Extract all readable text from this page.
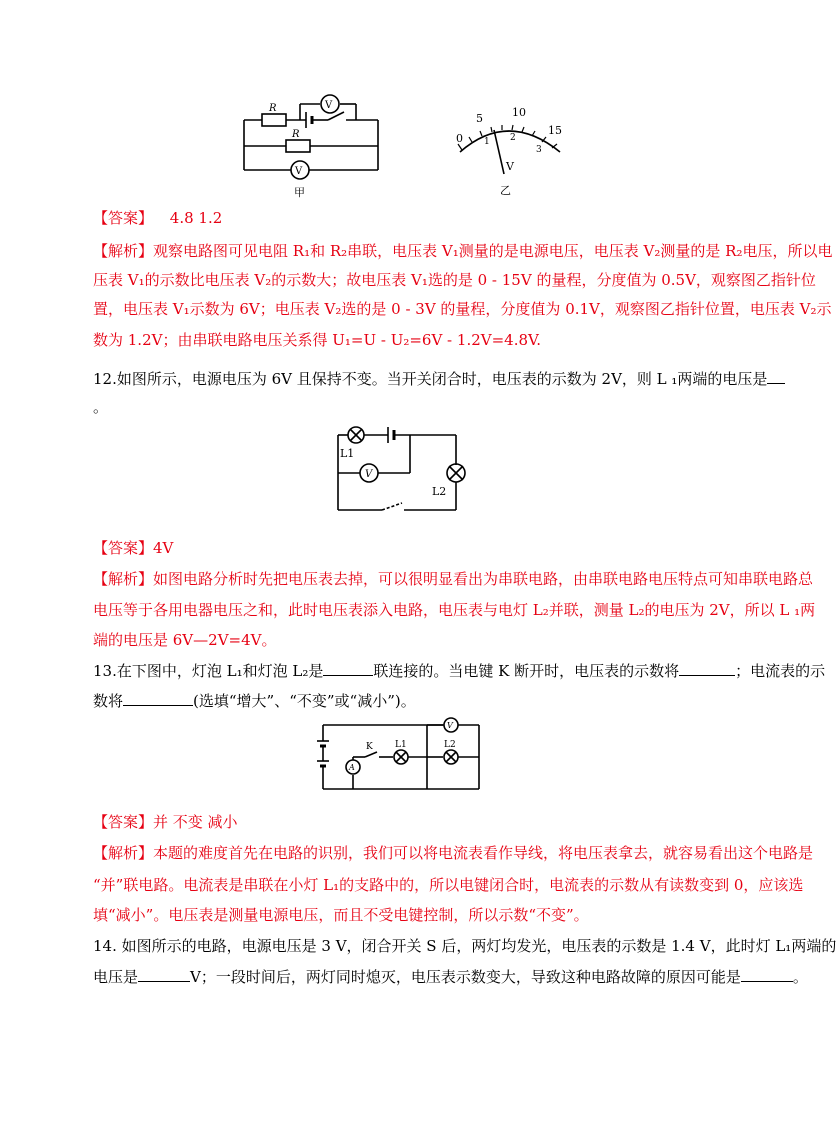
R
R
V
V
甲
0
5	10
15
1 2
3
V
乙
【答案】 4.8 1.2
【解析】观察电路图可见电阻 R₁和 R₂串联，电压表 V₁测量的是电源电压，电压表 V₂测量的是 R₂电压，所以电
压表 V₁的示数比电压表 V₂的示数大；故电压表 V₁选的是 0 - 15V 的量程，分度值为 0.5V，观察图乙指针位
置，电压表 V₁示数为 6V；电压表 V₂选的是 0 - 3V 的量程，分度值为 0.1V，观察图乙指针位置，电压表 V₂示
数为 1.2V；由串联电路电压关系得 U₁=U - U₂=6V - 1.2V=4.8V.
12.如图所示，电源电压为 6V 且保持不变。当开关闭合时，电压表的示数为 2V，则 L ₁两端的电压是
。
L1
L2
V
【答案】4V
【解析】如图电路分析时先把电压表去掉，可以很明显看出为串联电路，由串联电路电压特点可知串联电路总
电压等于各用电器电压之和，此时电压表添入电路，电压表与电灯 L₂并联，测量 L₂的电压为 2V，所以 L ₁两
端的电压是 6V—2V=4V。
13.在下图中，灯泡 L₁和灯泡 L₂是	联连接的。当电键 K 断开时，电压表的示数将	；电流表的示
数将	(选填“增大”、“不变”或“减小”)。
K L1	L2
V
A
【答案】并 不变 减小
【解析】本题的难度首先在电路的识别，我们可以将电流表看作导线，将电压表拿去，就容易看出这个电路是
“并”联电路。电流表是串联在小灯 L₁的支路中的，所以电键闭合时，电流表的示数从有读数变到 0，应该选
填“减小”。电压表是测量电源电压，而且不受电键控制，所以示数“不变”。
14. 如图所示的电路，电源电压是 3 V，闭合开关 S 后，两灯均发光，电压表的示数是 1.4 V，此时灯 L₁两端的
电压是	V；一段时间后，两灯同时熄灭，电压表示数变大，导致这种电路故障的原因可能是	。
